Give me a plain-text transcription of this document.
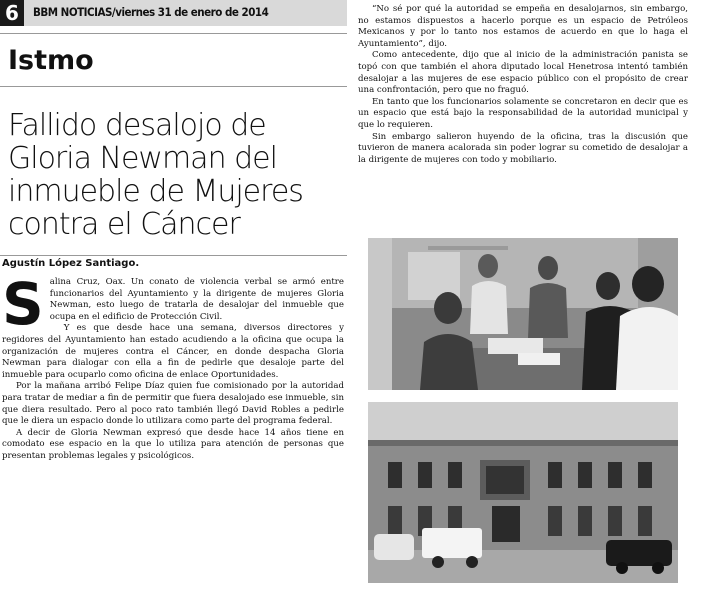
6	BBM NOTICIAS/viernes 31 de enero de 2014
Istmo
Fallido desalojo de Gloria Newman del inmueble de Mujeres contra el Cáncer
Agustín López Santiago.

Salina Cruz, Oax. Un conato de violencia verbal se armó entre funcionarios del Ayuntamiento y la dirigente de mujeres Gloria Newman, esto luego de tratarla de desalojar del inmueble que ocupa en el edificio de Protección Civil.

Y es que desde hace una semana, diversos directores y regidores del Ayuntamiento han estado acudiendo a la oficina que ocupa la organización de mujeres contra el Cáncer, en donde despacha Gloria Newman para dialogar con ella a fin de pedirle que desaloje parte del inmueble para ocuparlo como oficina de enlace Oportunidades.

Por la mañana arribó Felipe Díaz quien fue comisionado por la autoridad para tratar de mediar a fin de permitir que fuera desalojado ese inmueble, sin que diera resultado. Pero al poco rato también llegó David Robles a pedirle que le diera un espacio donde lo utilizara como parte del programa federal.

A decir de Gloria Newman expresó que desde hace 14 años tiene en comodato ese espacio en la que lo utiliza para atención de personas que presentan problemas legales y psicológicos.

“No sé por qué la autoridad se empeña en desalojarnos, sin embargo, no estamos dispuestos a hacerlo porque es un espacio de Petróleos Mexicanos y por lo tanto nos estamos de acuerdo en que lo haga el Ayuntamiento”, dijo.

Como antecedente, dijo que al inicio de la administración panista se topó con que también el ahora diputado local Henetrosa intentó también desalojar a las mujeres de ese espacio público con el propósito de crear una confrontación, pero que no fraguó.

En tanto que los funcionarios solamente se concretaron en decir que es un espacio que está bajo la responsabilidad de la autoridad municipal y que lo requieren.

Sin embargo salieron huyendo de la oficina, tras la discusión que tuvieron de manera acalorada sin poder lograr su cometido de desalojar a la dirigente de mujeres con todo y mobiliario.
